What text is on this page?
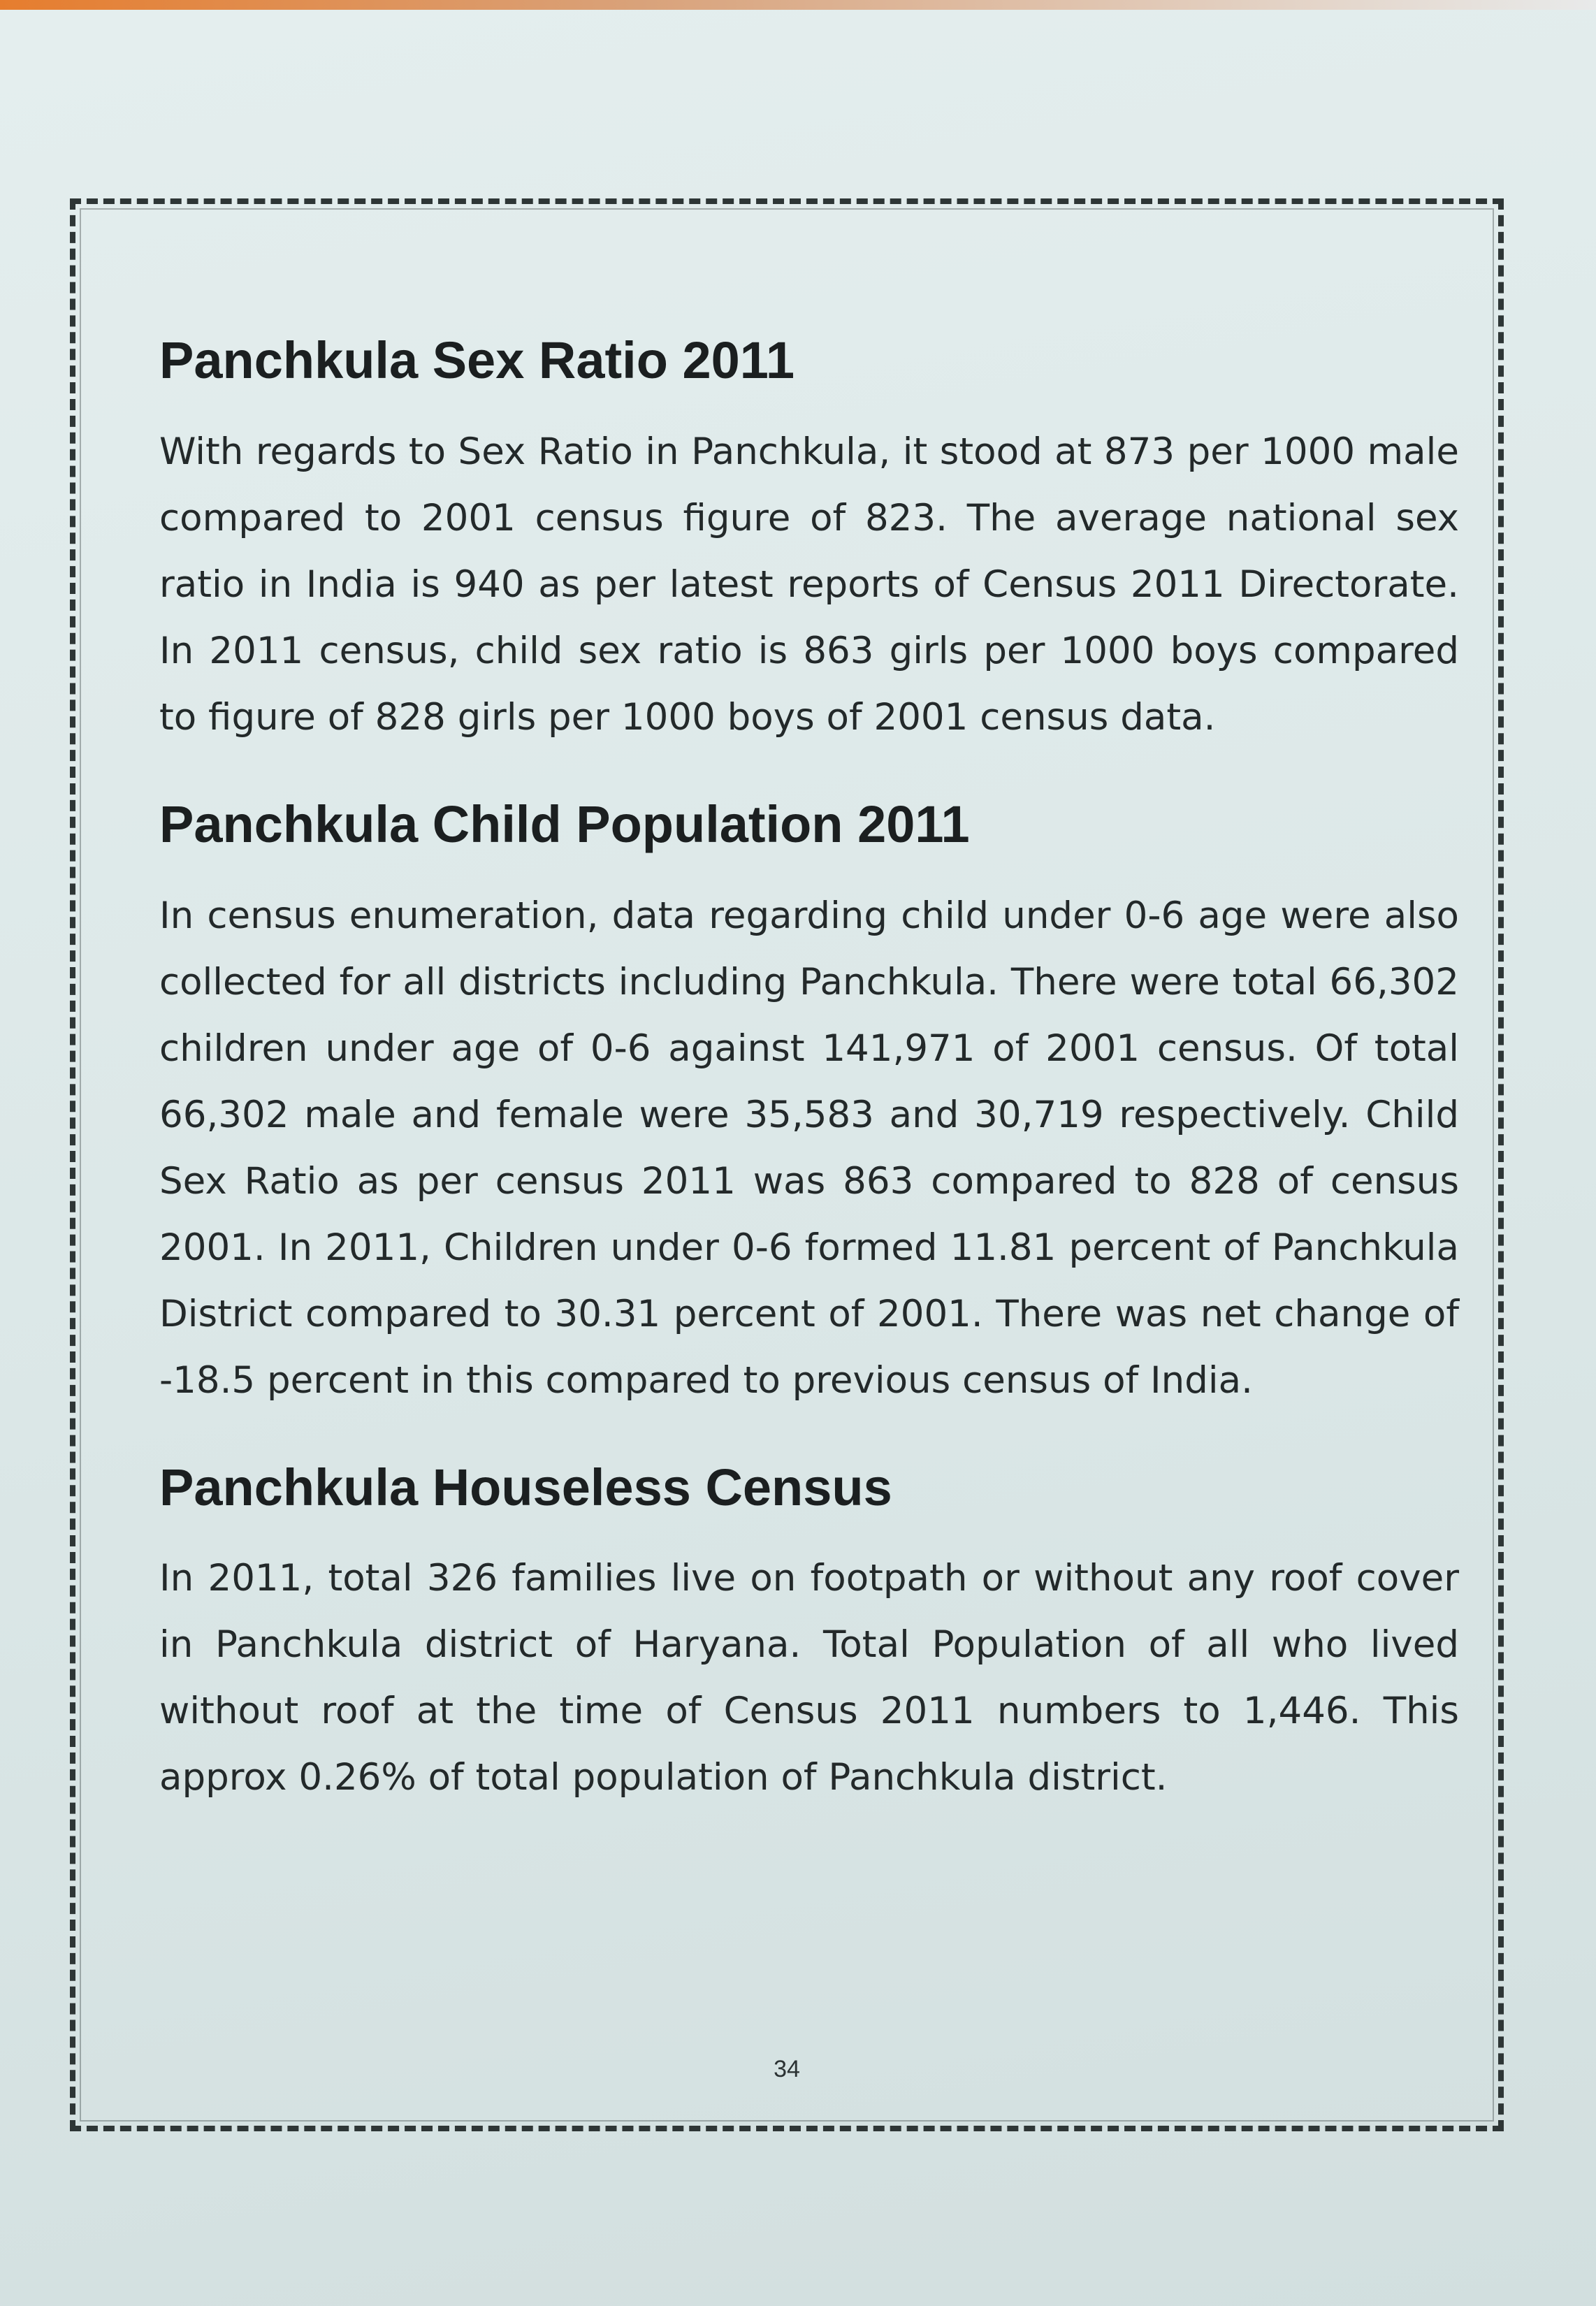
Panchkula Sex Ratio 2011

With regards to Sex Ratio in Panchkula, it stood at 873 per 1000 male compared to 2001 census figure of 823. The average national sex ratio in India is 940 as per latest reports of Census 2011 Directorate. In 2011 census, child sex ratio is 863 girls per 1000 boys compared to figure of 828 girls per 1000 boys of 2001 census data.

Panchkula Child Population 2011

In census enumeration, data regarding child under 0-6 age were also collected for all districts including Panchkula. There were total 66,302 children under age of 0-6 against 141,971 of 2001 census. Of total 66,302 male and female were 35,583 and 30,719 respectively. Child Sex Ratio as per census 2011 was 863 compared to 828 of census 2001. In 2011, Children under 0-6 formed 11.81 percent of Panchkula District compared to 30.31 percent of 2001. There was net change of -18.5 percent in this compared to previous census of India.

Panchkula Houseless Census

In 2011, total 326 families live on footpath or without any roof cover in Panchkula district of Haryana. Total Population of all who lived without roof at the time of Census 2011 numbers to 1,446. This approx 0.26% of total population of Panchkula district.

34
